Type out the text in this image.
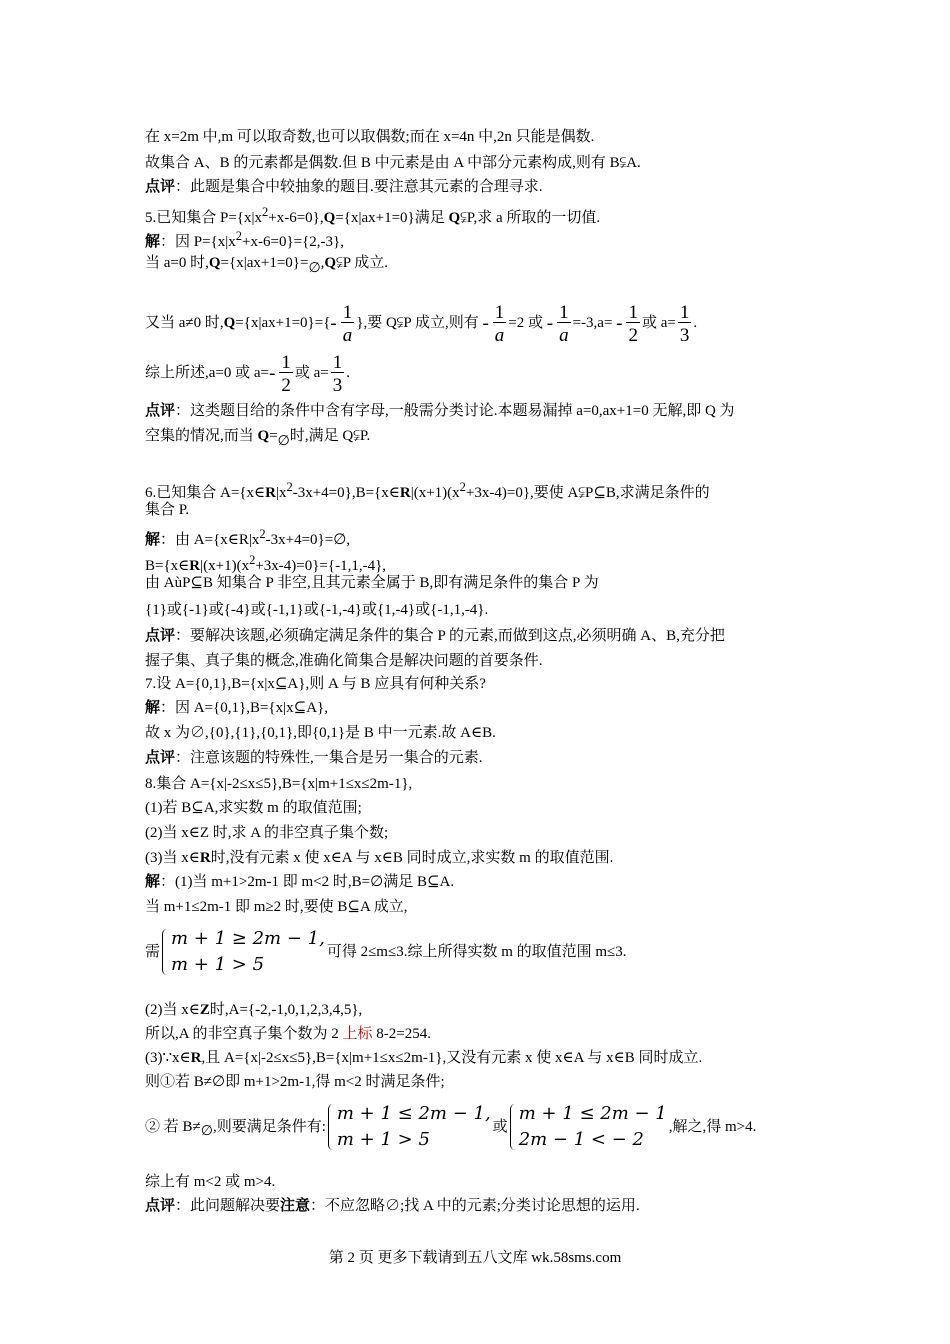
在 x=2m 中,m 可以取奇数,也可以取偶数;而在 x=4n 中,2n 只能是偶数.
故集合 A、B 的元素都是偶数.但 B 中元素是由 A 中部分元素构成,则有 B⫋A.
点评：此题是集合中较抽象的题目.要注意其元素的合理寻求.
5.已知集合 $P=\{x|x^2+x-6=0\},Q=\{x|ax+1=0\}$满足 Q⫋P,求 a 所取的一切值.
解：因 $P=\{x|x^2+x-6=0\}=\{2,-3\}$,
当 a=0 时,Q={x|ax+1=0}=∅,Q⫋P 成立.
又当 a≠0 时$,Q=\{x|ax+1=0\}=\{- \frac{1}{a}$ },要 Q⫋P 成立,则有 - $\frac{1}{a} =2$ 或 - $\frac{1}{a} =-3,a= - \frac{1}{2}$ 或 $a= \frac{1}{3}$ .
综上所述,a=0 或 $a=- \frac{1}{2}$ 或 $a= \frac{1}{3}$ .
点评：这类题目给的条件中含有字母,一般需分类讨论.本题易漏掉 a=0,ax+1=0 无解,即 Q 为
空集的情况,而当 Q=∅时,满足 Q⫋P.
6.已知集合 $A=\{x\in R|x^2-3x+4=0\},B=\{x\in R|(x+1)(x^2+3x-4)=0\}$,要使 A⫋P⊆B,求满足条件的
集合 P.
解：由 $A=\{x\in R|x^2-3x+4=0\}=\emptyset$,
$B=\{x\in R|(x+1)(x^2+3x-4)=0\}=\{-1,1,-4\}$,
由 AùP⊆B 知集合 P 非空,且其元素全属于 B,即有满足条件的集合 P 为
{1}或{-1}或{-4}或{-1,1}或{-1,-4}或{1,-4}或{-1,1,-4}.
点评：要解决该题,必须确定满足条件的集合 P 的元素,而做到这点,必须明确 A、B,充分把
握子集、真子集的概念,准确化简集合是解决问题的首要条件.
7.设 A={0,1},B={x|x⊆A},则 A 与 B 应具有何种关系?
解：因 A={0,1},B={x|x⊆A},
故 x 为∅,{0},{1},{0,1},即{0,1}是 B 中一元素.故 A∈B.
点评：注意该题的特殊性,一集合是另一集合的元素.
8.集合 A={x|-2≤x≤5},B={x|m+1≤x≤2m-1},
(1)若 B⊆A,求实数 m 的取值范围;
(2)当 x∈Z 时,求 A 的非空真子集个数;
(3)当 x∈R时,没有元素 x 使 x∈A 与 x∈B 同时成立,求实数 m 的取值范围.
解：(1)当 m+1>2m-1 即 m<2 时,B=∅满足 B⊆A.
当 m+1≤2m-1 即 m≥2 时,要使 B⊆A 成立,
需
m + 1 ≥ 2m − 1,
m + 1 > 5
可得 2≤m≤3.综上所得实数 m 的取值范围 m≤3.
(2)当 x∈Z时,A={-2,-1,0,1,2,3,4,5},
所以,A 的非空真子集个数为 2 上标 8-2=254.
(3)∵x∈R,且 A={x|-2≤x≤5},B={x|m+1≤x≤2m-1},又没有元素 x 使 x∈A 与 x∈B 同时成立.
则①若 B≠∅即 m+1>2m-1,得 m<2 时满足条件;
② 若 B≠ ∅ ,则要满足条件有:
m + 1 ≤ 2m − 1,
m + 1 > 5
或
m + 1 ≤ 2m − 1
2m − 1 < − 2
, 解之,得 m>4.
综上有 m<2 或 m>4.
点评：此问题解决要注意：不应忽略∅;找 A 中的元素;分类讨论思想的运用.
第 2 页 更多下载请到五八文库 wk.58sms.com
